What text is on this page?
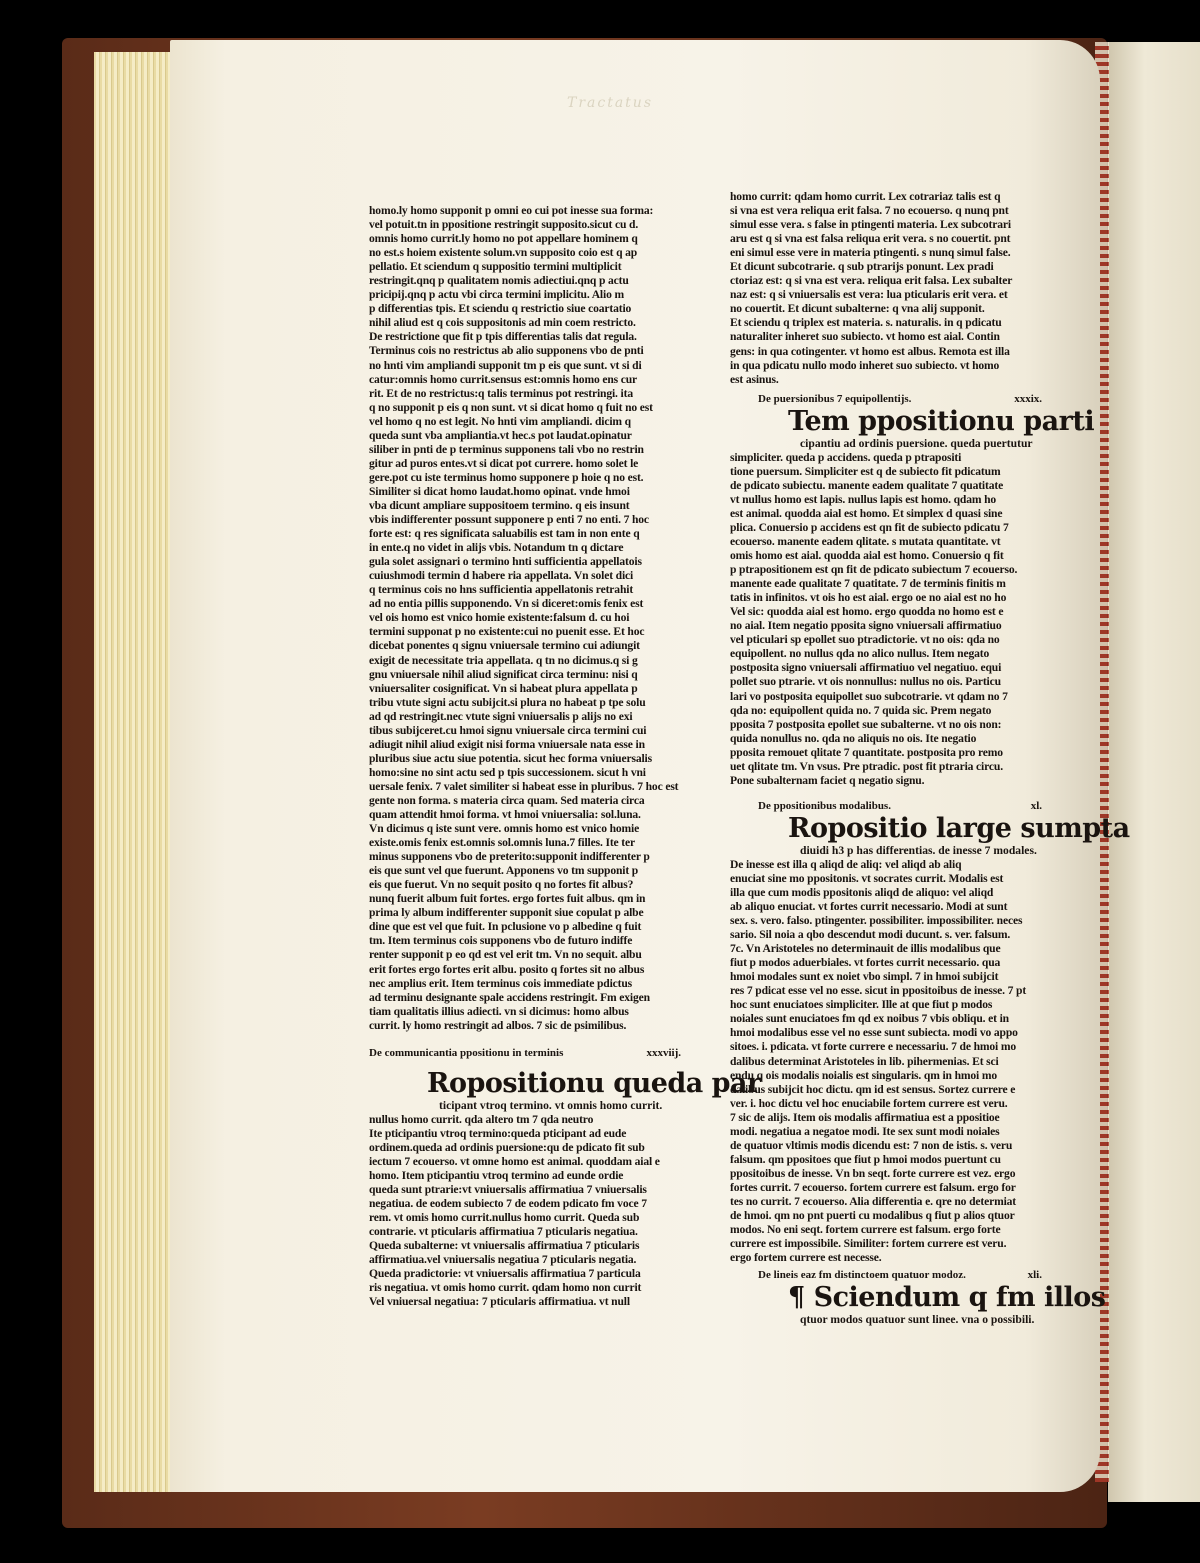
Tractatus
homo.ly homo supponit p omni eo cui pot inesse sua forma:
vel potuit.tn in ppositione restringit supposito.sicut cu d.
omnis homo currit.ly homo no pot appellare hominem q
no est.s hoiem existente solum.vn supposito coio est q ap
pellatio. Et sciendum q suppositio termini multiplicit
restringit.qnq p qualitatem nomis adiectiui.qnq p actu
pricipij.qnq p actu vbi circa termini implicitu. Alio m
p differentias tpis. Et sciendu q restrictio siue coartatio
nihil aliud est q cois suppositonis ad min coem restricto.
De restrictione que fit p tpis differentias talis dat regula.
Terminus cois no restrictus ab alio supponens vbo de pnti
no hnti vim ampliandi supponit tm p eis que sunt. vt si di
catur:omnis homo currit.sensus est:omnis homo ens cur
rit. Et de no restrictus:q talis terminus pot restringi. ita
q no supponit p eis q non sunt. vt si dicat homo q fuit no est
vel homo q no est legit. No hnti vim ampliandi. dicim q
queda sunt vba ampliantia.vt hec.s pot laudat.opinatur
siliber in pnti de p terminus supponens tali vbo no restrin
gitur ad puros entes.vt si dicat pot currere. homo solet le
gere.pot cu iste terminus homo supponere p hoie q no est.
Similiter si dicat homo laudat.homo opinat. vnde hmoi
vba dicunt ampliare suppositoem termino. q eis insunt
vbis indifferenter possunt supponere p enti 7 no enti. 7 hoc
forte est: q res significata saluabilis est tam in non ente q
in ente.q no videt in alijs vbis. Notandum tn q dictare
gula solet assignari o termino hnti sufficientia appellatois
cuiushmodi termin d habere ria appellata. Vn solet dici
q terminus cois no hns sufficientia appellatonis retrahit
ad no entia pillis supponendo. Vn si diceret:omis fenix est
vel ois homo est vnico homie existente:falsum d. cu hoi
termini supponat p no existente:cui no puenit esse. Et hoc
dicebat ponentes q signu vniuersale termino cui adiungit
exigit de necessitate tria appellata. q tn no dicimus.q si g
gnu vniuersale nihil aliud significat circa terminu: nisi q
vniuersaliter cosignificat. Vn si habeat plura appellata p
tribu vtute signi actu subijcit.si plura no habeat p tpe solu
ad qd restringit.nec vtute signi vniuersalis p alijs no exi
tibus subijceret.cu hmoi signu vniuersale circa termini cui
adiugit nihil aliud exigit nisi forma vniuersale nata esse in
pluribus siue actu siue potentia. sicut hec forma vniuersalis
homo:sine no sint actu sed p tpis successionem. sicut h vni
uersale fenix. 7 valet similiter si habeat esse in pluribus. 7 hoc est
gente non forma. s materia circa quam. Sed materia circa
quam attendit hmoi forma. vt hmoi vniuersalia: sol.luna.
Vn dicimus q iste sunt vere. omnis homo est vnico homie
existe.omis fenix est.omnis sol.omnis luna.7 filles. Ite ter
minus supponens vbo de preterito:supponit indifferenter p
eis que sunt vel que fuerunt. Apponens vo tm supponit p
eis que fuerut. Vn no sequit posito q no fortes fit albus?
nunq fuerit album fuit fortes. ergo fortes fuit albus. qm in
prima ly album indifferenter supponit siue copulat p albe
dine que est vel que fuit. In pclusione vo p albedine q fuit
tm. Item terminus cois supponens vbo de futuro indiffe
renter supponit p eo qd est vel erit tm. Vn no sequit. albu
erit fortes ergo fortes erit albu. posito q fortes sit no albus
nec amplius erit. Item terminus cois immediate pdictus
ad terminu designante spale accidens restringit. Fm exigen
tiam qualitatis illius adiecti. vn si dicimus: homo albus
currit. ly homo restringit ad albos. 7 sic de psimilibus.
De communicantia ppositionu in terminis	xxxviij.
Ropositionu queda par
ticipant vtroq termino. vt omnis homo currit.
nullus homo currit. qda altero tm 7 qda neutro
Ite pticipantiu vtroq termino:queda pticipant ad eude
ordinem.queda ad ordinis puersione:qu de pdicato fit sub
iectum 7 ecouerso. vt omne homo est animal. quoddam aial e
homo. Item pticipantiu vtroq termino ad eunde ordie
queda sunt ptrarie:vt vniuersalis affirmatiua 7 vniuersalis
negatiua. de eodem subiecto 7 de eodem pdicato fm voce 7
rem. vt omis homo currit.nullus homo currit. Queda sub
contrarie. vt pticularis affirmatiua 7 pticularis negatiua.
Queda subalterne: vt vniuersalis affirmatiua 7 pticularis
affirmatiua.vel vniuersalis negatiua 7 pticularis negatia.
Queda pradictorie: vt vniuersalis affirmatiua 7 particula
ris negatiua. vt omis homo currit. qdam homo non currit
Vel vniuersal negatiua: 7 pticularis affirmatiua. vt null
homo currit: qdam homo currit. Lex cotrariaz talis est q
si vna est vera reliqua erit falsa. 7 no ecouerso. q nunq pnt
simul esse vera. s false in ptingenti materia. Lex subcotrari
aru est q si vna est falsa reliqua erit vera. s no couertit. pnt
eni simul esse vere in materia ptingenti. s nunq simul false.
Et dicunt subcotrarie. q sub ptrarijs ponunt. Lex pradi
ctoriaz est: q si vna est vera. reliqua erit falsa. Lex subalter
naz est: q si vniuersalis est vera: lua pticularis erit vera. et
no couertit. Et dicunt subalterne: q vna alij supponit.
Et sciendu q triplex est materia. s. naturalis. in q pdicatu
naturaliter inheret suo subiecto. vt homo est aial. Contin
gens: in qua cotingenter. vt homo est albus. Remota est illa
in qua pdicatu nullo modo inheret suo subiecto. vt homo
est asinus.
De puersionibus 7 equipollentijs.	xxxix.
Tem ppositionu parti
cipantiu ad ordinis puersione. queda puertutur
simpliciter. queda p accidens. queda p ptrapositi
tione puersum. Simpliciter est q de subiecto fit pdicatum
de pdicato subiectu. manente eadem qualitate 7 quatitate
vt nullus homo est lapis. nullus lapis est homo. qdam ho
est animal. quodda aial est homo. Et simplex d quasi sine
plica. Conuersio p accidens est qn fit de subiecto pdicatu 7
ecouerso. manente eadem qlitate. s mutata quantitate. vt
omis homo est aial. quodda aial est homo. Conuersio q fit
p ptrapositionem est qn fit de pdicato subiectum 7 ecouerso.
manente eade qualitate 7 quatitate. 7 de terminis finitis m
tatis in infinitos. vt ois ho est aial. ergo oe no aial est no ho
Vel sic: quodda aial est homo. ergo quodda no homo est e
no aial. Item negatio pposita signo vniuersali affirmatiuo
vel pticulari sp epollet suo ptradictorie. vt no ois: qda no
equipollent. no nullus qda no alico nullus. Item negato
postposita signo vniuersali affirmatiuo vel negatiuo. equi
pollet suo ptrarie. vt ois nonnullus: nullus no ois. Particu
lari vo postposita equipollet suo subcotrarie. vt qdam no 7
qda no: equipollent quida no. 7 quida sic. Prem negato
pposita 7 postposita epollet sue subalterne. vt no ois non:
quida nonullus no. qda no aliquis no ois. Ite negatio
pposita remouet qlitate 7 quantitate. postposita pro remo
uet qlitate tm. Vn vsus. Pre ptradic. post fit ptraria circu.
Pone subalternam faciet q negatio signu.
De ppositionibus modalibus.	xl.
Ropositio large sumpta
diuidi h3 p has differentias. de inesse 7 modales.
De inesse est illa q aliqd de aliq: vel aliqd ab aliq
enuciat sine mo ppositonis. vt socrates currit. Modalis est
illa que cum modis ppositonis aliqd de aliquo: vel aliqd
ab aliquo enuciat. vt fortes currit necessario. Modi at sunt
sex. s. vero. falso. ptingenter. possibiliter. impossibiliter. neces
sario. Sil noia a qbo descendut modi ducunt. s. ver. falsum.
7c. Vn Aristoteles no determinauit de illis modalibus que
fiut p modos aduerbiales. vt fortes currit necessario. qua
hmoi modales sunt ex noiet vbo simpl. 7 in hmoi subijcit
res 7 pdicat esse vel no esse. sicut in ppositoibus de inesse. 7 pt
hoc sunt enuciatoes simpliciter. Ille at que fiut p modos
noiales sunt enuciatoes fm qd ex noibus 7 vbis obliqu. et in
hmoi modalibus esse vel no esse sunt subiecta. modi vo appo
sitoes. i. pdicata. vt forte currere e necessariu. 7 de hmoi mo
dalibus determinat Aristoteles in lib. pihermenias. Et sci
endu q ois modalis noialis est singularis. qm in hmoi mo
dalibus subijcit hoc dictu. qm id est sensus. Sortez currere e
ver. i. hoc dictu vel hoc enuciabile fortem currere est veru.
7 sic de alijs. Item ois modalis affirmatiua est a ppositioe
modi. negatiua a negatoe modi. Ite sex sunt modi noiales
de quatuor vltimis modis dicendu est: 7 non de istis. s. veru
falsum. qm ppositoes que fiut p hmoi modos puertunt cu
ppositoibus de inesse. Vn bn seqt. forte currere est vez. ergo
fortes currit. 7 ecouerso. fortem currere est falsum. ergo for
tes no currit. 7 ecouerso. Alia differentia e. qre no determiat
de hmoi. qm no pnt puerti cu modalibus q fiut p alios qtuor
modos. No eni seqt. fortem currere est falsum. ergo forte
currere est impossibile. Similiter: fortem currere est veru.
ergo fortem currere est necesse.
De lineis eaz fm distinctoem quatuor modoz.	xli.
¶ Sciendum q fm illos
qtuor modos quatuor sunt linee. vna o possibili.
